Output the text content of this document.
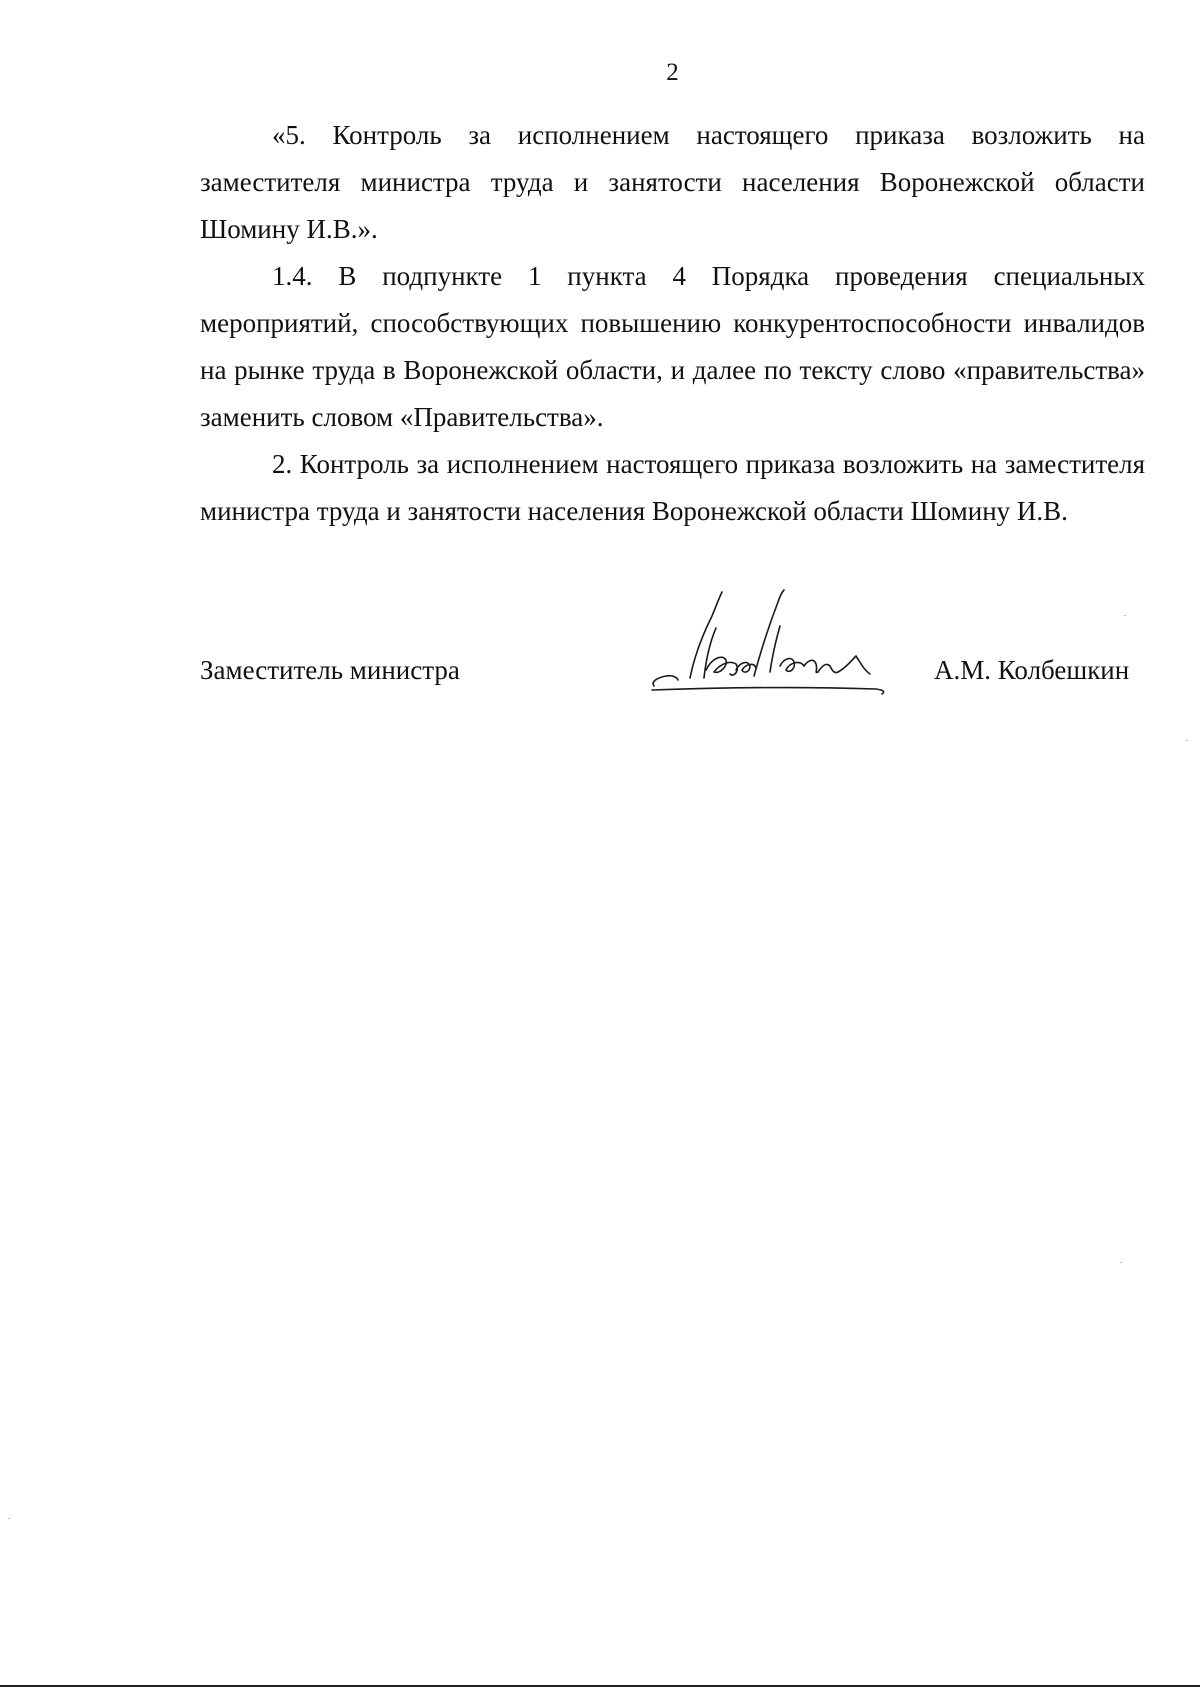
2

«5. Контроль за исполнением настоящего приказа возложить на заместителя министра труда и занятости населения Воронежской области Шомину И.В.».

1.4. В подпункте 1 пункта 4 Порядка проведения специальных мероприятий, способствующих повышению конкурентоспособности инвалидов на рынке труда в Воронежской области, и далее по тексту слово «правительства» заменить словом «Правительства».

2. Контроль за исполнением настоящего приказа возложить на заместителя министра труда и занятости населения Воронежской области Шомину И.В.

Заместитель министра	А.М. Колбешкин
